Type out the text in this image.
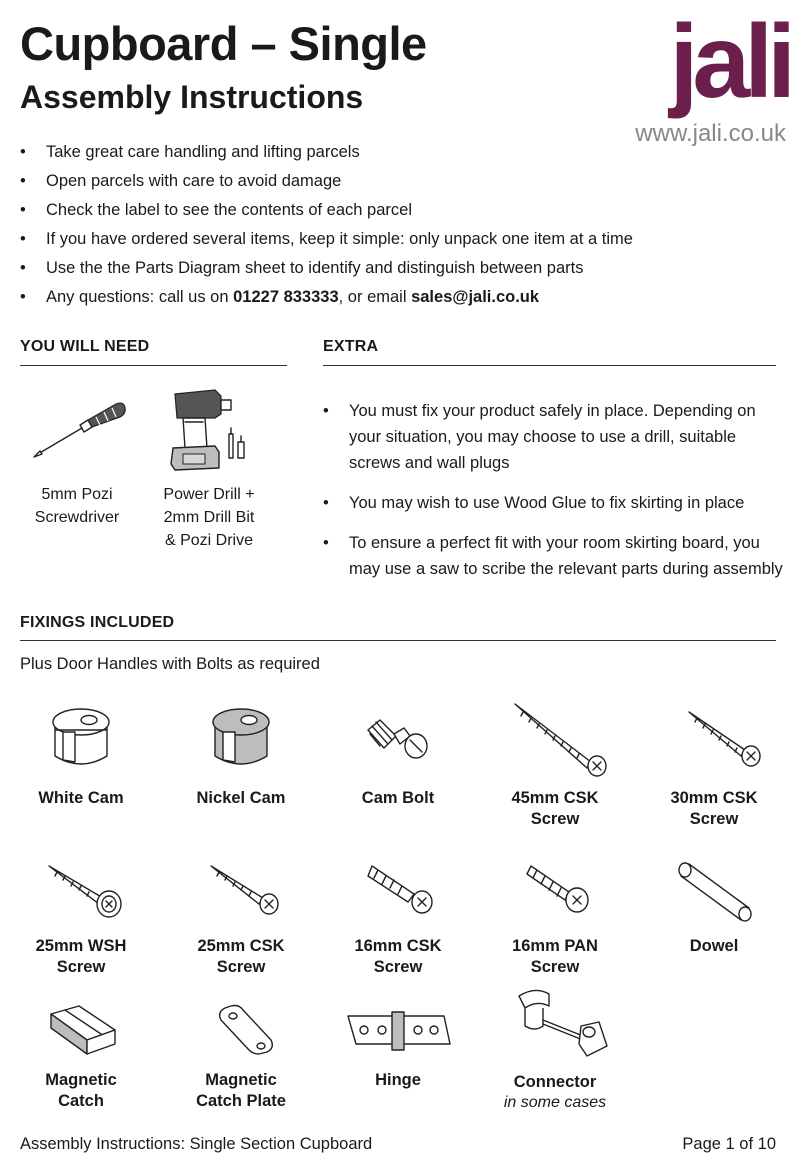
Cupboard – Single
Assembly Instructions	jali
www.jali.co.uk
• Take great care handling and lifting parcels
• Open parcels with care to avoid damage
• Check the label to see the contents of each parcel
• If you have ordered several items, keep it simple: only unpack one item at a time
• Use the the Parts Diagram sheet to identify and distinguish between parts
• Any questions: call us on 01227 833333, or email sales@jali.co.uk
YOU WILL NEED
5mm Pozi
Screwdriver
Power Drill +
2mm Drill Bit
& Pozi Drive
EXTRA
• You must fix your product safely in place. Depending on your situation, you may choose to use a drill, suitable screws and wall plugs
• You may wish to use Wood Glue to fix skirting in place
• To ensure a perfect fit with your room skirting board, you may use a saw to scribe the relevant parts during assembly
FIXINGS INCLUDED
Plus Door Handles with Bolts as required
White Cam	Nickel Cam	Cam Bolt	45mm CSK
Screw
30mm CSK
Screw
25mm WSH
Screw
25mm CSK
Screw
16mm CSK
Screw
16mm PAN
Screw
Dowel
Magnetic
Catch
Magnetic
Catch Plate
Hinge	Connector
in some cases
Assembly Instructions: Single Section Cupboard	Page 1 of 10
